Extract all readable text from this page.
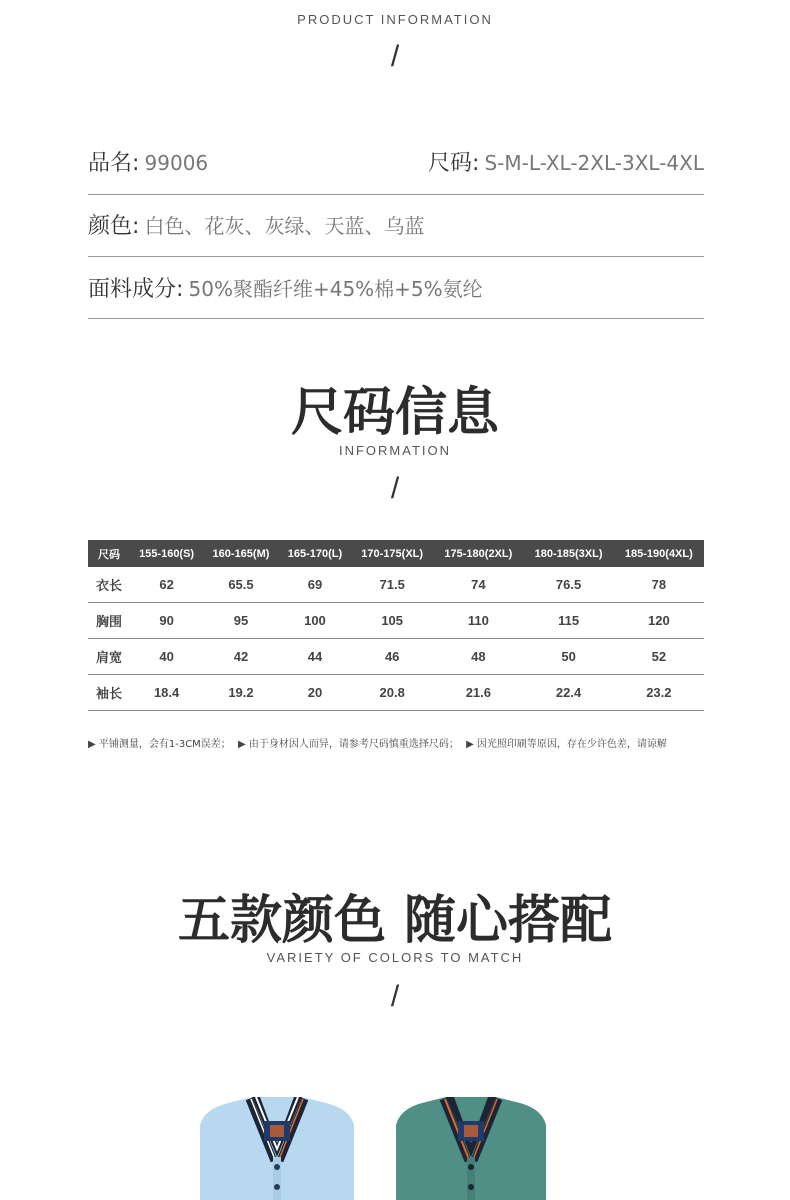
PRODUCT INFORMATION
/
品名: 99006	尺码: S-M-L-XL-2XL-3XL-4XL
颜色: 白色、花灰、灰绿、天蓝、乌蓝
面料成分: 50%聚酯纤维+45%棉+5%氨纶
尺码信息
INFORMATION
/
尺码	155-160(S)	160-165(M)	165-170(L)	170-175(XL)	175-180(2XL)	180-185(3XL)	185-190(4XL)
衣长	62	65.5	69	71.5	74	76.5	78
胸围	90	95	100	105	110	115	120
肩宽	40	42	44	46	48	50	52
袖长	18.4	19.2	20	20.8	21.6	22.4	23.2
▶ 平铺测量，会有1-3CM误差； ▶ 由于身材因人而异，请参考尺码慎重选择尺码； ▶ 因光照印刷等原因，存在少许色差，请谅解
五款颜色 随心搭配
VARIETY OF COLORS TO MATCH
/
